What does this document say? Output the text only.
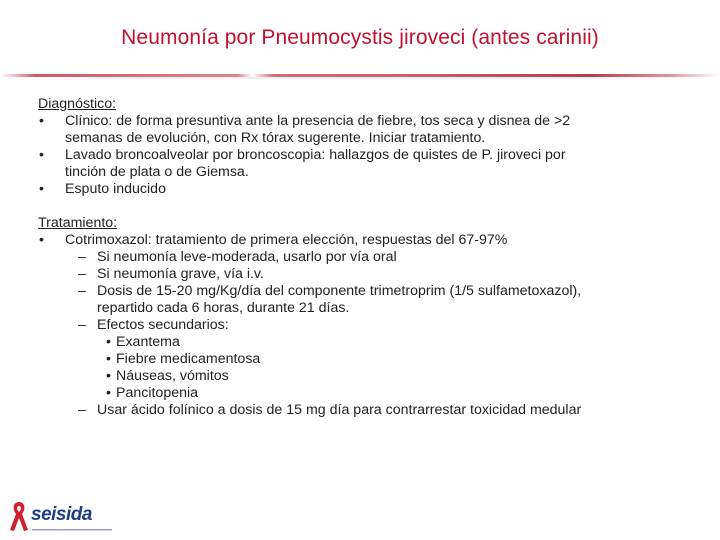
Neumonía por Pneumocystis jiroveci (antes carinii)
Diagnóstico:
• Clínico: de forma presuntiva ante la presencia de fiebre, tos seca y disnea de >2
semanas de evolución, con Rx tórax sugerente. Iniciar tratamiento.
• Lavado broncoalveolar por broncoscopia: hallazgos de quistes de P. jiroveci por
tinción de plata o de Giemsa.
• Esputo inducido
Tratamiento:
• Cotrimoxazol: tratamiento de primera elección, respuestas del 67-97%
– Si neumonía leve-moderada, usarlo por vía oral
– Si neumonía grave, vía i.v.
– Dosis de 15-20 mg/Kg/día del componente trimetroprim (1/5 sulfametoxazol),
repartido cada 6 horas, durante 21 días.
– Efectos secundarios:
• Exantema
• Fiebre medicamentosa
• Náuseas, vómitos
• Pancitopenia
– Usar ácido folínico a dosis de 15 mg día para contrarrestar toxicidad medular
seisida
